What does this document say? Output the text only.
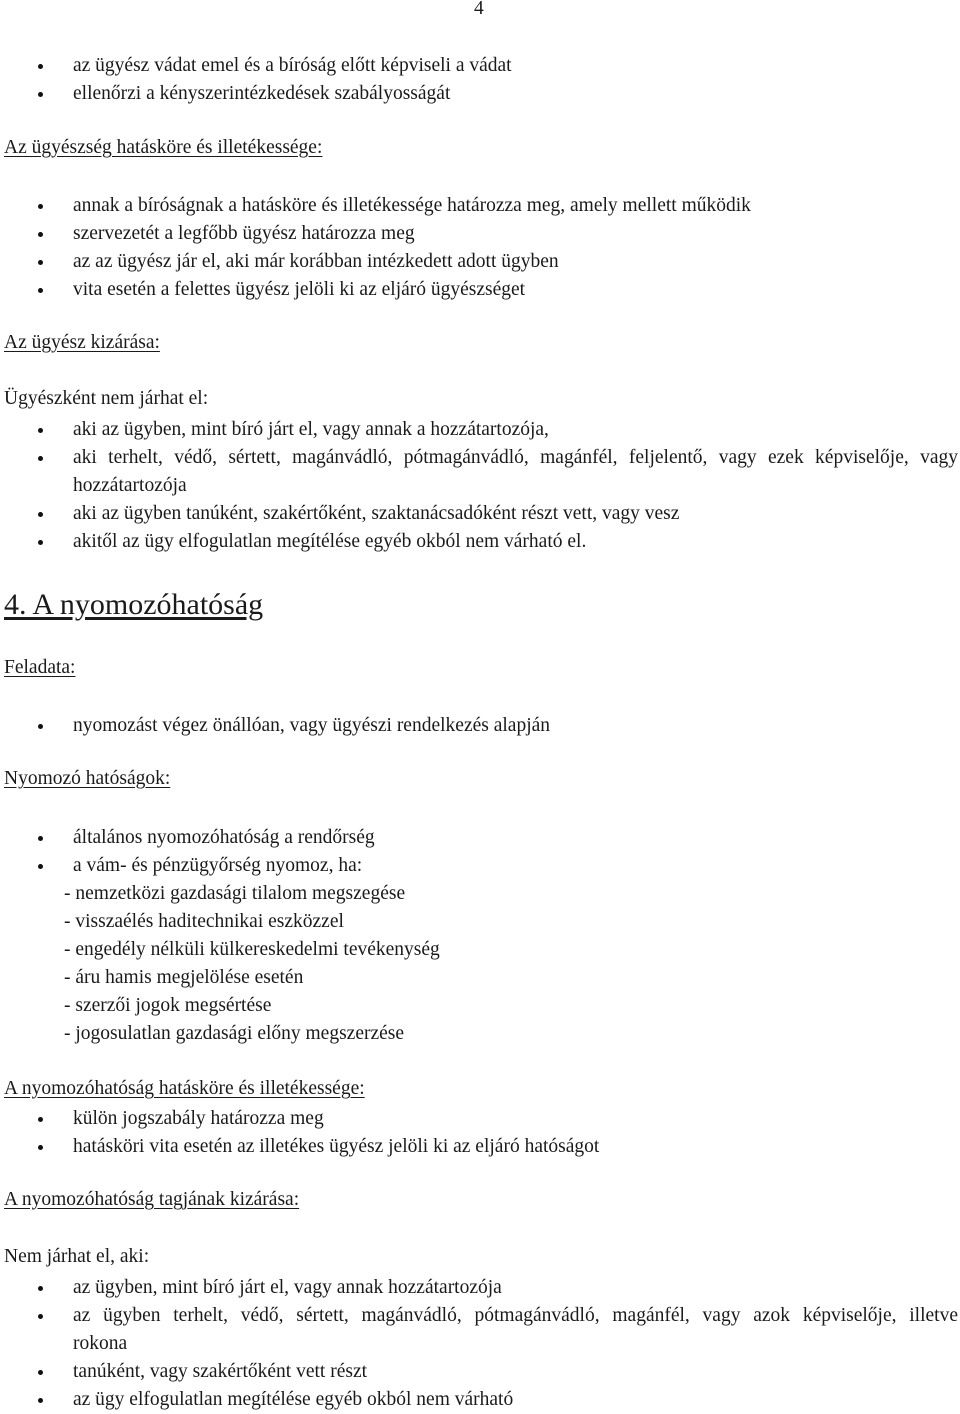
4
az ügyész vádat emel és a bíróság előtt képviseli a vádat
ellenőrzi a kényszerintézkedések szabályosságát
Az ügyészség hatásköre és illetékessége:
annak a bíróságnak a hatásköre és illetékessége határozza meg, amely mellett működik
szervezetét a legfőbb ügyész határozza meg
az az ügyész jár el, aki már korábban intézkedett adott ügyben
vita esetén a felettes ügyész jelöli ki az eljáró ügyészséget
Az ügyész kizárása:
Ügyészként nem járhat el:
aki az ügyben, mint bíró járt el, vagy annak a hozzátartozója,
aki terhelt, védő, sértett, magánvádló, pótmagánvádló, magánfél, feljelentő, vagy ezek képviselője, vagy hozzátartozója
aki az ügyben tanúként, szakértőként, szaktanácsadóként részt vett, vagy vesz
akitől az ügy elfogulatlan megítélése egyéb okból nem várható el.
4. A nyomozóhatóság
Feladata:
nyomozást végez önállóan, vagy ügyészi rendelkezés alapján
Nyomozó hatóságok:
általános nyomozóhatóság a rendőrség
a vám- és pénzügyőrség nyomoz, ha:
- nemzetközi gazdasági tilalom megszegése
- visszaélés haditechnikai eszközzel
- engedély nélküli külkereskedelmi tevékenység
- áru hamis megjelölése esetén
- szerzői jogok megsértése
- jogosulatlan gazdasági előny megszerzése
A nyomozóhatóság hatásköre és illetékessége:
külön jogszabály határozza meg
hatásköri vita esetén az illetékes ügyész jelöli ki az eljáró hatóságot
A nyomozóhatóság tagjának kizárása:
Nem járhat el, aki:
az ügyben, mint bíró járt el, vagy annak hozzátartozója
az ügyben terhelt, védő, sértett, magánvádló, pótmagánvádló, magánfél, vagy azok képviselője, illetve rokona
tanúként, vagy szakértőként vett részt
az ügy elfogulatlan megítélése egyéb okból nem várható
